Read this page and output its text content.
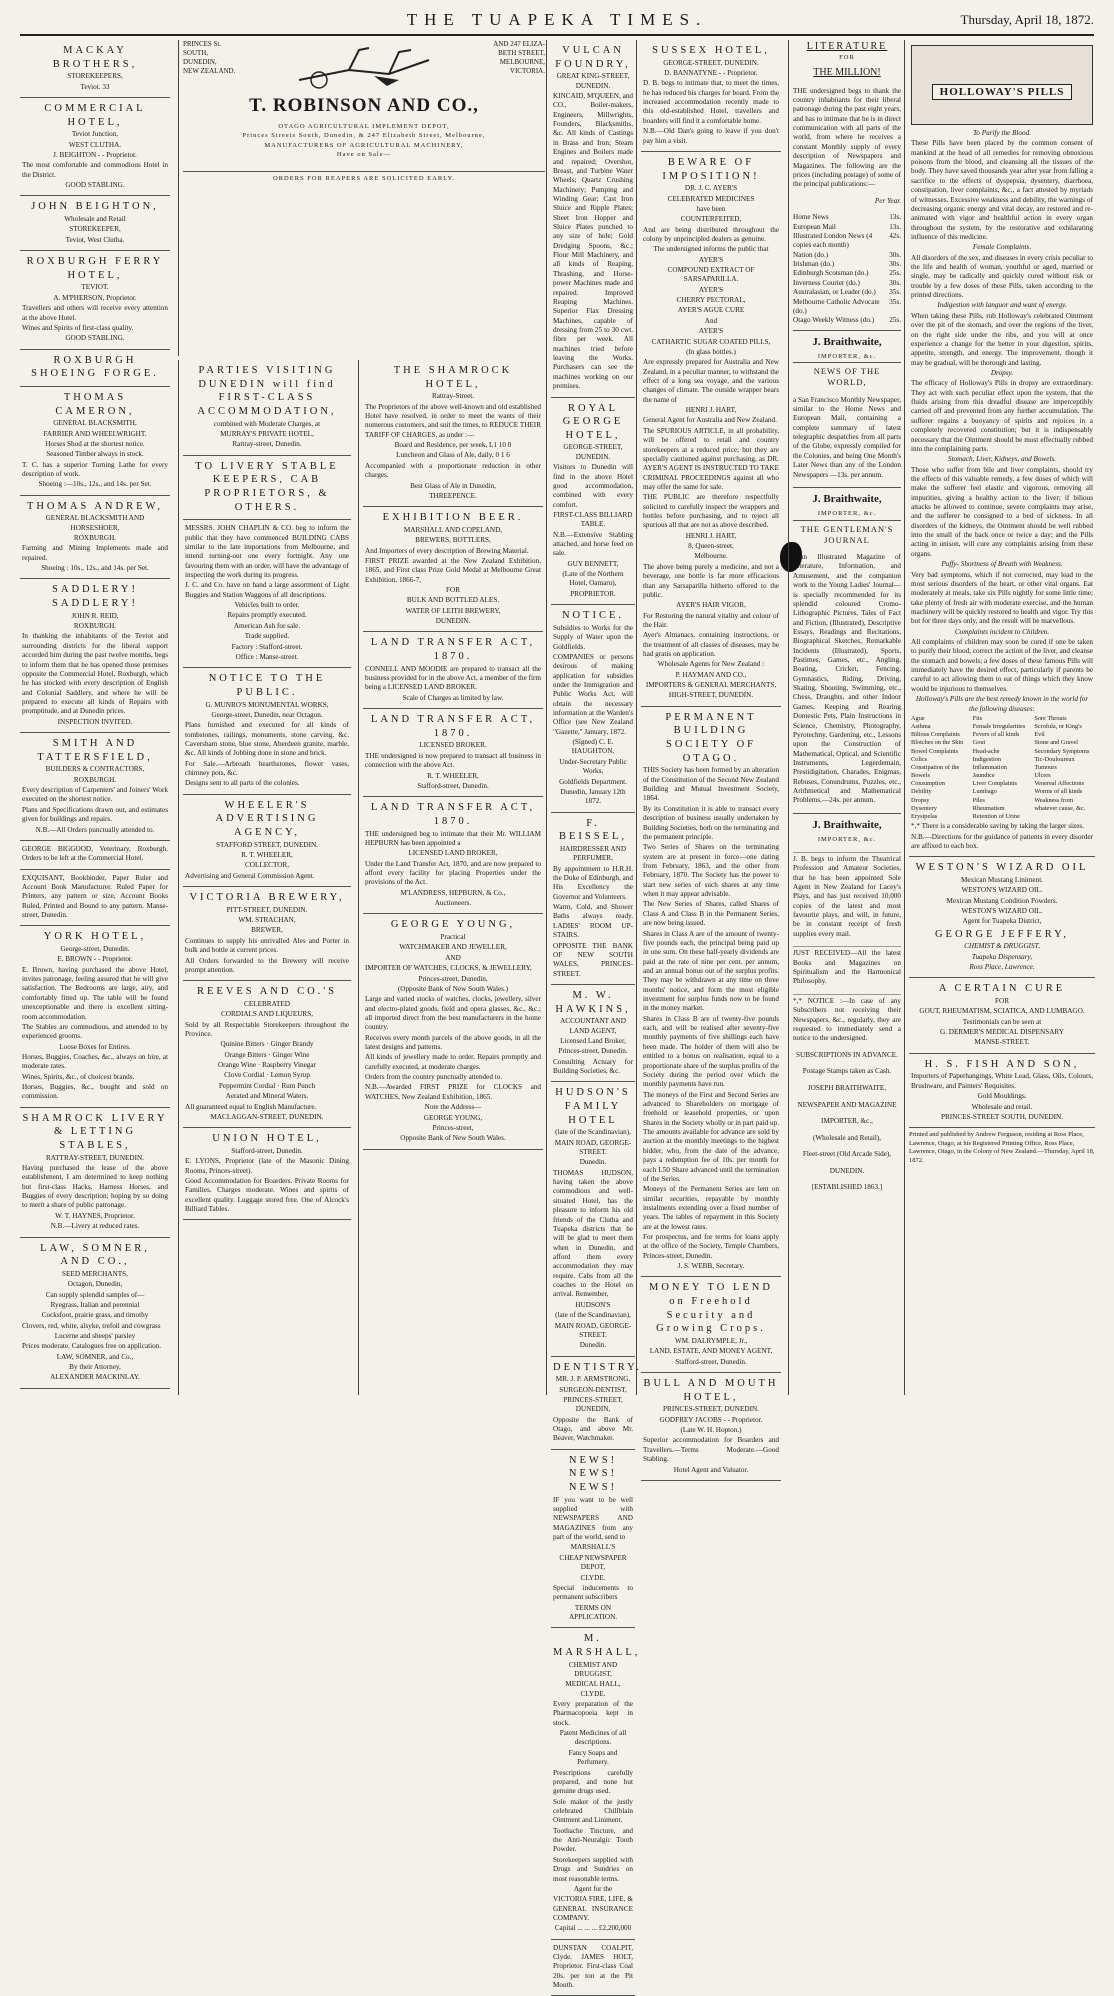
THE TUAPEKA TIMES.	Thursday, April 18, 1872.
MACKAY BROTHERS,

STOREKEEPERS,

Teviot. 33

COMMERCIAL HOTEL,

Teviot Junction,

WEST CLUTHA.

J. BEIGHTON - - Proprietor.

The most comfortable and commodious Hotel in the District.

GOOD STABLING.

JOHN BEIGHTON,

Wholesale and Retail

STOREKEEPER,

Teviot, West Clutha.

ROXBURGH FERRY HOTEL,

TEVIOT.

A. M'PHERSON, Proprietor.

Travellers and others will receive every attention at the above Hotel.

Wines and Spirits of first-class quality.

GOOD STABLING.

ROXBURGH SHOEING FORGE.
THOMAS CAMERON,

GENERAL BLACKSMITH,

FARRIER AND WHEELWRIGHT.

Horses Shod at the shortest notice.

Seasoned Timber always in stock.

T. C. has a superior Turning Lathe for every description of work.

Shoeing :—10s., 12s., and 14s. per Set.

THOMAS ANDREW,

GENERAL BLACKSMITH AND HORSESHOER,

ROXBURGH.

Farming and Mining Implements made and repaired.

Shoeing : 10s., 12s., and 14s. per Set.

SADDLERY! SADDLERY!

JOHN R. REID,

ROXBURGH.

In thanking the inhabitants of the Teviot and surrounding districts for the liberal support accorded him during the past twelve months, begs to inform them that he has opened those premises opposite the Commercial Hotel, Roxburgh, which he has stocked with every description of English and Colonial Saddlery, and where he will be prepared to execute all kinds of Repairs with promptitude, and at Dunedin prices.

INSPECTION INVITED.

SMITH AND TATTERSFIELD,

BUILDERS & CONTRACTORS,

ROXBURGH.

Every description of Carpenters' and Joiners' Work executed on the shortest notice.

Plans and Specifications drawn out, and estimates given for buildings and repairs.

N.B.—All Orders punctually attended to.

GEORGE BIGGOOD, Veterinary, Roxburgh. Orders to be left at the Commercial Hotel.

EXQUISANT, Bookbinder, Paper Ruler and Account Book Manufacturer. Ruled Paper for Printers, any pattern or size, Account Books Ruled, Printed and Bound to any pattern. Manse-street, Dunedin.

YORK HOTEL,

George-street, Dunedin.

E. BROWN - - Proprietor.

E. Brown, having purchased the above Hotel, invites patronage, feeling assured that he will give satisfaction. The Bedrooms are large, airy, and comfortably fitted up. The table will be found unexceptionable and there is excellent sitting-room accommodation.

The Stables are commodious, and attended to by experienced grooms.

Loose Boxes for Entires.

Horses, Buggies, Coaches, &c., always on hire, at moderate rates.

Wines, Spirits, &c., of choicest brands.

Horses, Buggies, &c., bought and sold on commission.

SHAMROCK LIVERY & LETTING STABLES,

RATTRAY-STREET, DUNEDIN.

Having purchased the lease of the above establishment, I am determined to keep nothing but first-class Hacks, Harness Horses, and Buggies of every description; hoping by so doing to merit a share of public patronage.

W. T. HAYNES, Proprietor.

N.B.—Livery at reduced rates.

LAW, SOMNER, AND CO.,

SEED MERCHANTS,

Octagon, Dunedin,

Can supply splendid samples of—

Ryegrass, Italian and perennial

Cocksfoot, prairie grass, and timothy

Clovers, red, white, alsyke, trefoil and cowgrass

Lucerne and sheeps' parsley

Prices moderate. Catalogues free on application.

LAW, SOMNER, and Co.,

By their Attorney,

ALEXANDER MACKINLAY.

PRINCES St.
SOUTH,
DUNEDIN,
NEW ZEALAND.
AND 247 ELIZA-
BETH STREET,
MELBOURNE,
VICTORIA.
T. ROBINSON AND CO.,
OTAGO AGRICULTURAL IMPLEMENT DEPOT,
Princes Streets South, Dunedin, & 247 Elizabeth Street, Melbourne,
MANUFACTURERS OF AGRICULTURAL MACHINERY,
Have on Sale—
ORDERS FOR REAPERS ARE SOLICITED EARLY.
PARTIES VISITING DUNEDIN will find FIRST-CLASS ACCOMMODATION,

combined with Moderate Charges, at

MURRAY'S PRIVATE HOTEL,

Rattray-street, Dunedin.

TO LIVERY STABLE KEEPERS, CAB PROPRIETORS, & OTHERS.

MESSRS. JOHN CHAPLIN & CO. beg to inform the public that they have commenced BUILDING CABS similar to the late importations from Melbourne, and intend turning-out one every fortnight. Any one favouring them with an order, will have the advantage of inspecting the work during its progress.

J. C. and Co. have on hand a large assortment of Light Buggies and Station Waggons of all descriptions.

Vehicles built to order.

Repairs promptly executed.

American Ash for sale.

Trade supplied.

Factory : Stafford-street.

Office : Manse-street.

NOTICE TO THE PUBLIC.

G. MUNRO'S MONUMENTAL WORKS,

George-street, Dunedin, near Octagon.

Plans furnished and executed for all kinds of tombstones, railings, monuments, stone carving, &c. Caversham stone, blue stone, Aberdeen granite, marble, &c. All kinds of Jobbing done in stone and brick.

For Sale.—Arbroath hearthstones, flower vases, chimney pots, &c.

Designs sent to all parts of the colonies.

WHEELER'S ADVERTISING AGENCY,

STAFFORD STREET, DUNEDIN.

R. T. WHEELER,

COLLECTOR,

Advertising and General Commission Agent.

VICTORIA BREWERY,

PITT-STREET, DUNEDIN.

WM. STRACHAN,

BREWER,

Continues to supply his unrivalled Ales and Porter in bulk and bottle at current prices.

All Orders forwarded to the Brewery will receive prompt attention.

REEVES AND CO.'S

CELEBRATED

CORDIALS AND LIQUEURS,

Sold by all Respectable Storekeepers throughout the Province.

Quinine Bitters · Ginger Brandy

Orange Bitters · Ginger Wine

Orange Wine · Raspberry Vinegar

Clove Cordial · Lemon Syrup

Peppermint Cordial · Rum Punch

Aerated and Mineral Waters.

All guaranteed equal to English Manufacture.

MACLAGGAN-STREET, DUNEDIN.

UNION HOTEL,

Stafford-street, Dunedin.

E. LYONS, Proprietor (late of the Masonic Dining Rooms, Princes-street).

Good Accommodation for Boarders. Private Rooms for Families. Charges moderate. Wines and spirits of excellent quality. Luggage stored free. One of Alcock's Billiard Tables.

THE SHAMROCK HOTEL,

Rattray-Street.

The Proprietors of the above well-known and old established Hotel have resolved, in order to meet the wants of their numerous customers, and suit the times, to REDUCE THEIR TARIFF OF CHARGES, as under :—

Board and Residence, per week, L1 10 0

Luncheon and Glass of Ale, daily, 0 1 6

Accompanied with a proportionate reduction in other charges.

Best Glass of Ale in Dunedin,

THREEPENCE.

EXHIBITION BEER.

MARSHALL AND COPELAND,

BREWERS, BOTTLERS,

And Importers of every description of Brewing Material.

FIRST PRIZE awarded at the New Zealand Exhibition, 1865, and First class Prize Gold Medal at Melbourne Great Exhibition, 1866-7,

FOR

BULK AND BOTTLED ALES.

WATER OF LEITH BREWERY,

DUNEDIN.

LAND TRANSFER ACT, 1870.

CONNELL AND MOODIE are prepared to transact all the business provided for in the above Act, a member of the firm being a LICENSED LAND BROKER.

Scale of Charges as limited by law.

LAND TRANSFER ACT, 1870.

LICENSED BROKER.

THE undersigned is now prepared to transact all business in connection with the above Act.

R. T. WHEELER,

Stafford-street, Dunedin.

LAND TRANSFER ACT, 1870.

THE undersigned beg to intimate that their Mr. WILLIAM HEPBURN has been appointed a

LICENSED LAND BROKER,

Under the Land Transfer Act, 1870, and are now prepared to afford every facility for placing Properties under the provisions of the Act.

M'LANDRESS, HEPBURN, & Co.,

Auctioneers.

GEORGE YOUNG,

Practical

WATCHMAKER AND JEWELLER,

AND

IMPORTER OF WATCHES, CLOCKS, & JEWELLERY,

Princes-street, Dunedin,

(Opposite Bank of New South Wales.)

Large and varied stocks of watches, clocks, jewellery, silver and electro-plated goods, field and opera glasses, &c., &c.; all imported direct from the best manufacturers in the home country.

Receives every month parcels of the above goods, in all the latest designs and patterns.

All kinds of jewellery made to order. Repairs promptly and carefully executed, at moderate charges.

Orders from the country punctually attended to.

N.B.—Awarded FIRST PRIZE for CLOCKS and WATCHES, New Zealand Exhibition, 1865.

Note the Address—

GEORGE YOUNG,

Princes-street,

Opposite Bank of New South Wales.

VULCAN FOUNDRY,

GREAT KING-STREET, DUNEDIN.

KINCAID, M'QUEEN, and CO., Boiler-makers, Engineers, Millwrights, Founders, Blacksmiths, &c. All kinds of Castings in Brass and Iron; Steam Engines and Boilers made and repaired; Overshot, Breast, and Turbine Water Wheels; Quartz Crushing Machinery; Pumping and Winding Gear; Cast Iron Sluice and Ripple Plates; Sheet Iron Hopper and Sluice Plates punched to any size of hole; Gold Dredging Spoons, &c.; Flour Mill Machinery, and all kinds of Reaping, Thrashing, and Horse-power Machines made and repaired. Improved Reaping Machines. Superior Flax Dressing Machines, capable of dressing from 25 to 30 cwt. fibre per week. All machines tried before leaving the Works. Purchasers can see the machines working on our premises.

ROYAL GEORGE HOTEL,

GEORGE-STREET, DUNEDIN.

Visitors to Dunedin will find in the above Hotel good accommodation, combined with every comfort.

FIRST-CLASS BILLIARD TABLE.

N.B.—Extensive Stabling attached, and horse feed on sale.

GUY BENNETT,

(Late of the Northern Hotel, Oamaru),

PROPRIETOR.

NOTICE.

Subsidies to Works for the Supply of Water upon the Goldfields.

COMPANIES or persons desirous of making application for subsidies under the Immigration and Public Works Act, will obtain the necessary information at the Warden's Office (see New Zealand "Gazette," January, 1872.

(Signed) C. E. HAUGHTON,

Under-Secretary Public Works,

Goldfields Department.

Dunedin, January 12th 1872.

F. BEISSEL,

HAIRDRESSER AND PERFUMER,

By appointment to H.R.H. the Duke of Edinburgh, and His Excellency the Governor and Volunteers.

Warm, Cold, and Shower Baths always ready. LADIES' ROOM UP-STAIRS.

OPPOSITE THE BANK OF NEW SOUTH WALES, PRINCES-STREET.

M. W. HAWKINS,

ACCOUNTANT AND LAND AGENT,

Licensed Land Broker,

Princes-street, Dunedin.

Consulting Actuary for Building Societies, &c.

HUDSON'S FAMILY HOTEL

(late of the Scandinavian),

MAIN ROAD, GEORGE-STREET.

Dunedin.

THOMAS HUDSON, having taken the above commodious and well-situated Hotel, has the pleasure to inform his old friends of the Clutha and Tuapeka districts that he will be glad to meet them when in Dunedin, and afford them every accommodation they may require. Cabs from all the coaches to the Hotel on arrival. Remember,

HUDSON'S

(late of the Scandinavian),

MAIN ROAD, GEORGE-STREET.

Dunedin.

DENTISTRY.

MR. J. P. ARMSTRONG,

SURGEON-DENTIST,

PRINCES-STREET, DUNEDIN,

Opposite the Bank of Otago, and above Mr. Beaver, Watchmaker.

NEWS! NEWS! NEWS!

IF you want to be well supplied with NEWSPAPERS AND MAGAZINES from any part of the world, send to

MARSHALL'S

CHEAP NEWSPAPER DEPOT,

CLYDE.

Special inducements to permanent subscribers

TERMS ON APPLICATION.

M. MARSHALL,

CHEMIST AND DRUGGIST,

MEDICAL HALL, CLYDE.

Every preparation of the Pharmacopoeia kept in stock.

Patent Medicines of all descriptions.

Fancy Soaps and Perfumery.

Prescriptions carefully prepared, and none but genuine drugs used.

Sole maker of the justly celebrated Chillblain Ointment and Liniment.

Toothache Tincture, and the Anti-Neuralgic Tooth Powder.

Storekeepers supplied with Drugs and Sundries on most reasonable terms.

Agent for the

VICTORIA FIRE, LIFE, & GENERAL INSURANCE COMPANY.

Capital ... ... ... £2,200,000

DUNSTAN COALPIT, Clyde. JAMES HOLT, Proprietor. First-class Coal 20s. per ton at the Pit Mouth.

SUSSEX HOTEL,

GEORGE-STREET, DUNEDIN.

D. BANNATYNE - - Proprietor.

D. B. begs to intimate that, to meet the times, he has reduced his charges for board. From the increased accommodation recently made to this old-established Hotel, travellers and boarders will find it a comfortable home.

N.B.—Old Dan's going to leave if you don't pay him a visit.

BEWARE OF IMPOSITION!

DR. J. C. AYER'S

CELEBRATED MEDICINES

have been

COUNTERFEITED,

And are being distributed throughout the colony by unprincipled dealers as genuine.

The undersigned informs the public that

AYER'S

COMPOUND EXTRACT OF SARSAPARILLA.

AYER'S

CHERRY PECTORAL,

AYER'S AGUE CURE

And

AYER'S

CATHARTIC SUGAR COATED PILLS,

(In glass bottles.)

Are expressly prepared for Australia and New Zealand, in a peculiar manner, to withstand the effect of a long sea voyage, and the various changes of climate. The outside wrapper bears the name of

HENRI J. HART,

General Agent for Australia and New Zealand.

The SPURIOUS ARTICLE, in all probability, will be offered to retail and country storekeepers at a reduced price; but they are specially cautioned against purchasing, as DR. AYER'S AGENT IS INSTRUCTED TO TAKE CRIMINAL PROCEEDINGS against all who may offer the same for sale.

THE PUBLIC are therefore respectfully solicited to carefully inspect the wrappers and bottles before purchasing, and to reject all spurious all that are not as above described.

HENRI J. HART,

8, Queen-street,

Melbourne.

The above being purely a medicine, and not a beverage, one bottle is far more efficacious than any Sarsaparilla hitherto offered to the public.

AYER'S HAIR VIGOR,

For Restoring the natural vitality and colour of the Hair.

Ayer's Almanacs, containing instructions, or the treatment of all classes of diseases, may be had gratis on application.

Wholesale Agents for New Zealand :

P. HAYMAN AND CO.,

IMPORTERS & GENERAL MERCHANTS,

HIGH-STREET, DUNEDIN.

PERMANENT BUILDING SOCIETY OF OTAGO.

THIS Society has been formed by an alteration of the Constitution of the Second New Zealand Building and Mutual Investment Society, 1864.

By its Constitution it is able to transact every description of business usually undertaken by Building Societies, both on the terminating and the permanent principle.

Two Series of Shares on the terminating system are at present in force—one dating from February, 1863, and the other from February, 1870. The Society has the power to start new series of such shares at any time when it may appear advisable.

The New Series of Shares, called Shares of Class A and Class B in the Permanent Series, are now being issued.

Shares in Class A are of the amount of twenty-five pounds each, the principal being paid up in one sum. On these half-yearly dividends are paid at the rate of nine per cent. per annum, and an annual bonus out of the surplus profits. They may be withdrawn at any time on three months' notice, and form the most eligible investment for surplus funds now to be found in the money market.

Shares in Class B are of twenty-five pounds each, and will be realised after seventy-five monthly payments of five shillings each have been made. The holder of them will also be entitled to a bonus on realisation, equal to a proportionate share of the surplus profits of the Society during the period over which the monthly payments have run.

The moneys of the First and Second Series are advanced to Shareholders on mortgage of freehold or leasehold properties, or upon Shares in the Society wholly or in part paid up. The amounts available for advance are sold by auction at the monthly meetings to the highest bidder, who, from the date of the advance, pays a redemption fee of 10s. per month for each L50 Share advanced until the termination of the Series.

Moneys of the Permanent Series are lent on similar securities, repayable by monthly instalments extending over a fixed number of years. The tables of repayment in this Society are at the lowest rates.

For prospectus, and for terms for loans apply at the office of the Society, Temple Chambers, Princes-street, Dunedin.

J. S. WEBB, Secretary.

MONEY TO LEND on Freehold Security and Growing Crops.

WM. DALRYMPLE, Jr.,

LAND, ESTATE, AND MONEY AGENT,

Stafford-street, Dunedin.

BULL AND MOUTH HOTEL,

PRINCES-STREET, DUNEDIN.

GODFREY JACOBS - - Proprietor.

(Late W. H. Hopton.)

Superior accommodation for Boarders and Travellers.—Terms Moderate.—Good Stabling.

Hotel Agent and Valuator.

HOLLOWAY'S PILLS

To Purify the Blood.

These Pills have been placed by the common consent of mankind at the head of all remedies for removing obnoxious poisons from the blood, and cleansing all the tissues of the body. They have saved thousands year after year from falling a sacrifice to the effects of dyspepsia, dysentery, diarrhoea, constipation, liver complaints, &c., a fact attested by myriads of witnesses. Excessive weakness and debility, the warnings of decreasing organic energy and vital decay, are restored and re-animated with vigor and healthful action in every organ throughout the system, by the restorative and exhilarating influence of this medicine.

Female Complaints.

All disorders of the sex, and diseases in every crisis peculiar to the life and health of woman, youthful or aged, married or single, may be radically and quickly cured without risk or trouble by a few doses of these Pills, taken according to the printed directions.

Indigestion with languor and want of energy.

When taking these Pills, rub Holloway's celebrated Ointment over the pit of the stomach, and over the regions of the liver, on the right side under the ribs, and you will at once experience a change for the better in your digestion, spirits, appetite, strength, and energy. The improvement, though it may be gradual, will be thorough and lasting.

Dropsy.

The efficacy of Holloway's Pills in dropsy are extraordinary. They act with such peculiar effect upon the system, that the fluids arising from this dreadful disease are imperceptibly carried off and prevented from any further accumulation. The sufferer regains a buoyancy of spirits and rejoices in a completely recovered constitution; but it is indispensably necessary that the Ointment should be most effectually rubbed into the complaining parts.

Stomach, Liver, Kidneys, and Bowels.

Those who suffer from bile and liver complaints, should try the effects of this valuable remedy, a few doses of which will make the sufferer feel elastic and vigorous, removing all impurities, giving a healthy action to the liver; if bilious attacks be allowed to continue, severe complaints may arise, and the sufferer be consigned to a bed of sickness. In all disorders of the kidneys, the Ointment should be well rubbed into the small of the back once or twice a day; and the Pills acting in unison, will cure any complaints arising from these organs.

Puffy- Shortness of Breath with Weakness.

Very bad symptoms, which if not corrected, may lead to the most serious disorders of the heart, or other vital organs. Eat moderately at meals, take six Pills nightly for some little time; take plenty of fresh air with moderate exercise, and the human machinery will be quickly restored to health and vigor. Try this but for three days only, and the result will be marvellous.

Complaints incident to Children.

All complaints of children may soon be cured if one be taken to purify their blood, correct the action of the liver, and cleanse the stomach and bowels; a few doses of these famous Pills will immediately have the desired effect, particularly if parents be careful to act allowing them to eat of things which they know would be injurious to themselves.

Holloway's Pills are the best remedy known in the world for the following diseases:

Ague
Asthma
Bilious Complaints
Blotches on the Skin
Bowel Complaints
Colics
Constipation of the Bowels
Consumption
Debility
Dropsy
Dysentery
Erysipelas
Fits
Female Irregularities
Fevers of all kinds
Gout
Head-ache
Indigestion
Inflammation
Jaundice
Liver Complaints
Lumbago
Piles
Rheumatism
Retention of Urine
Sore Throats
Scrofula, or King's Evil
Stone and Gravel
Secondary Symptoms
Tic-Douloureux
Tumours
Ulcers
Venereal Affections
Worms of all kinds
Weakness from whatever cause, &c.

*,* There is a considerable saving by taking the larger sizes.

N.B.—Directions for the guidance of patients in every disorder are affixed to each box.

WESTON'S WIZARD OIL

Mexican Mustang Liniment.

WESTON'S WIZARD OIL.

Mexican Mustang Condition Powders.

WESTON'S WIZARD OIL.

Agent for Tuapeka District,

GEORGE JEFFERY,

CHEMIST & DRUGGIST,

Tuapeka Dispensary,

Ross Place, Lawrence.

A CERTAIN CURE

FOR

GOUT, RHEUMATISM, SCIATICA, AND LUMBAGO.

Testimonials can be seen at

G. DERMER'S MEDICAL DISPENSARY

MANSE-STREET.

H. S. FISH AND SON,

Importers of Paperhangings, White Lead, Glass, Oils, Colours, Brushware, and Painters' Requisites.

Gold Mouldings.

Wholesale and retail.

PRINCES-STREET SOUTH, DUNEDIN.

Printed and published by Andrew Ferguson, residing at Ross Place, Lawrence, Otago, at his Registered Printing Office, Ross Place, Lawrence, Otago, in the Colony of New Zealand.—Thursday, April 18, 1872.

LITERATURE
FOR
THE MILLION!

THE undersigned begs to thank the country inhabitants for their liberal patronage during the past eight years, and has to intimate that he is in direct communication with all parts of the world, from where he receives a constant Monthly supply of every description of Newspapers and Magazines. The following are the prices (including postage) of some of the principal publications:—

Per Year.

Home News	13s.
European Mail	13s.
Illustrated London News (4 copies each month)
42s.
Nation (do.)	30s.
Irishman (do.)	30s.
Edinburgh Scotsman (do.)	25s.
Inverness Courier (do.)	30s.
Australasian, or Leader (do.) 35s.
Melbourne Catholic Advocate (do.)
35s.
Otago Weekly Witness (do.) 25s.
J. Braithwaite,
IMPORTER, &c.
NEWS OF THE WORLD,

a San Francisco Monthly Newspaper, similar to the Home News and European Mail, containing a complete summary of latest telegraphic despatches from all parts of the Globe, expressly compiled for the Colonies, and being One Month's Later News than any of the London Newspapers —13s. per annum.

J. Braithwaite,
IMPORTER, &c.
THE GENTLEMAN'S JOURNAL

—an Illustrated Magazine of Literature, Information, and Amusement, and the companion work to the Young Ladies' Journal—is specially recommended for its splendid coloured Cromo-Lithographic Pictures, Tales of Fact and Fiction, (Illustrated), Descriptive Essays, Readings and Recitations, Biographical Sketches, Remarkable Incidents (Illustrated), Sports, Pastimes, Games, etc., Angling, Boating, Cricket, Fencing, Gymnastics, Riding, Driving, Skating, Shooting, Swimming, etc., Chess, Draughts, and other Indoor Games, Keeping and Rearing Domestic Pets, Plain Instructions in Science, Chemistry, Photography, Pyrotechny, Gardening, etc., Lessons upon the Construction of Mathematical, Optical, and Scientific Instruments, Legerdemain, Prestidigitation, Charades, Enigmas, Rebuses, Conundrums, Puzzles, etc., Arithmetical and Mathematical Problems.—24s. per annum.

J. Braithwaite,
IMPORTER, &c.

J. B. begs to inform the Theatrical Profession and Amateur Societies, that he has been appointed Sole Agent in New Zealand for Lacey's Plays, and has just received 10,000 copies of the latest and most favourite plays, and will, in future, be in constant receipt of fresh supplies every mail.

JUST RECEIVED—All the latest Books and Magazines on Spiritualism and the Harmonical Philosophy.

*,* NOTICE :—In case of any Subscribers not receiving their Newspapers, &c., regularly, they are requested to immediately send a notice to the undersigned.

SUBSCRIPTIONS IN ADVANCE.

Postage Stamps taken as Cash.

JOSEPH BRAITHWAITE,

NEWSPAPER AND MAGAZINE

IMPORTER, &c.,

(Wholesale and Retail),

Fleet-street (Old Arcade Side),

DUNEDIN.

[ESTABLISHED 1863.]
